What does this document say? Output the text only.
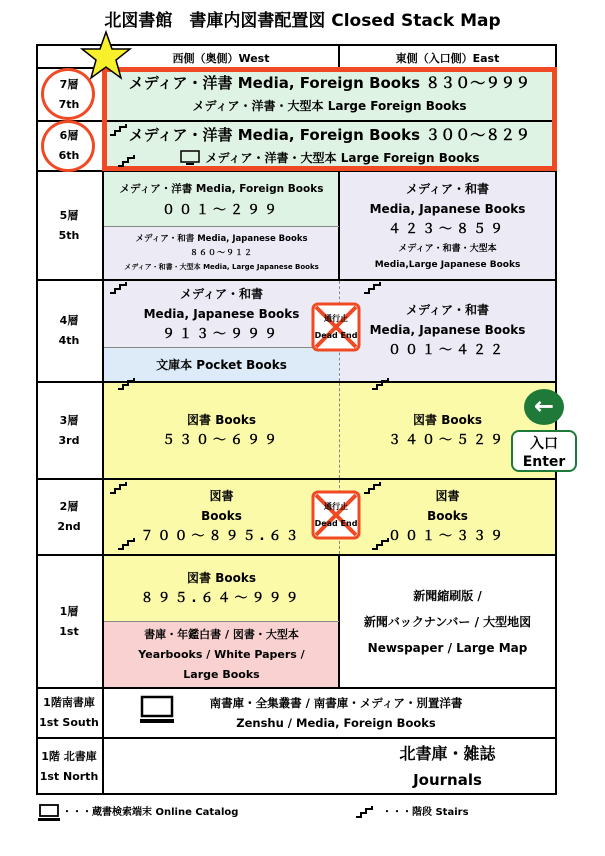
北図書館　書庫内図書配置図 Closed Stack Map
西側（奥側）West	東側（入口側）East
7層
7th
6層
6th
5層
5th
4層
4th
3層
3rd
2層
2nd
1層
1st
1階南書庫
1st South
1階 北書庫
1st North
メディア・洋書 Media, Foreign Books ８３０～９９９
メディア・洋書・大型本 Large Foreign Books
メディア・洋書 Media, Foreign Books ３００～８２９
メディア・洋書・大型本 Large Foreign Books
メディア・洋書 Media, Foreign Books
００１～２９９
メディア・和書 Media, Japanese Books
８６０～９１２
メディア・和書・大型本 Media, Large Japanese Books
メディア・和書
Media, Japanese Books
４２３～８５９
メディア・和書・大型本
Media,Large Japanese Books
メディア・和書
Media, Japanese Books
９１３～９９９
文庫本 Pocket Books
メディア・和書
Media, Japanese Books
００１～４２２
通行止
Dead End
図書 Books
５３０～６９９
図書 Books
３４０～５２９
←
入口
Enter
図書
Books
７００～８９５.６３
図書
Books
００１～３３９
通行止
Dead End
図書 Books
８９５.６４～９９９
書庫・年鑑白書 / 図書・大型本
Yearbooks / White Papers /
Large Books
新聞縮刷版 /
新聞バックナンバー / 大型地図
Newspaper / Large Map
南書庫・全集叢書 / 南書庫・メディア・別置洋書
Zenshu / Media, Foreign Books
北書庫・雑誌
Journals
・・・蔵書検索端末 Online Catalog	・・・階段 Stairs
